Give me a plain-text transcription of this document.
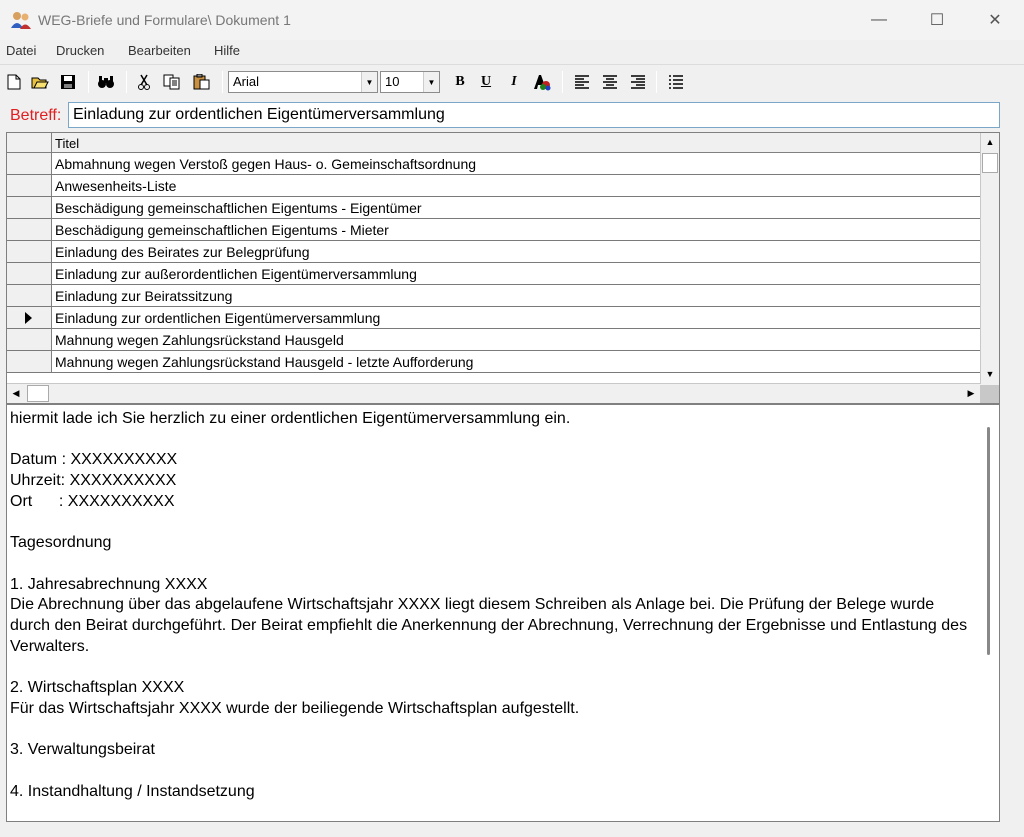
WEG-Briefe und Formulare\ Dokument 1	—	☐	✕
Datei Drucken Bearbeiten Hilfe
Arial	▼ 10	▼ B U I
Betreff: Einladung zur ordentlichen Eigentümerversammlung
Titel
Abmahnung wegen Verstoß gegen Haus- o. Gemeinschaftsordnung
Anwesenheits-Liste
Beschädigung gemeinschaftlichen Eigentums - Eigentümer
Beschädigung gemeinschaftlichen Eigentums - Mieter
Einladung des Beirates zur Belegprüfung
Einladung zur außerordentlichen Eigentümerversammlung
Einladung zur Beiratssitzung
Einladung zur ordentlichen Eigentümerversammlung
Mahnung wegen Zahlungsrückstand Hausgeld
Mahnung wegen Zahlungsrückstand Hausgeld - letzte Aufforderung
▲
▼
◀	▶
hiermit lade ich Sie herzlich zu einer ordentlichen Eigentümerversammlung ein.

Datum : XXXXXXXXXX
Uhrzeit: XXXXXXXXXX
Ort      : XXXXXXXXXX

Tagesordnung

1. Jahresabrechnung XXXX
Die Abrechnung über das abgelaufene Wirtschaftsjahr XXXX liegt diesem Schreiben als Anlage bei. Die Prüfung der Belege wurde durch den Beirat durchgeführt. Der Beirat empfiehlt die Anerkennung der Abrechnung, Verrechnung der Ergebnisse und Entlastung des Verwalters.

2. Wirtschaftsplan XXXX
Für das Wirtschaftsjahr XXXX wurde der beiliegende Wirtschaftsplan aufgestellt.

3. Verwaltungsbeirat

4. Instandhaltung / Instandsetzung
